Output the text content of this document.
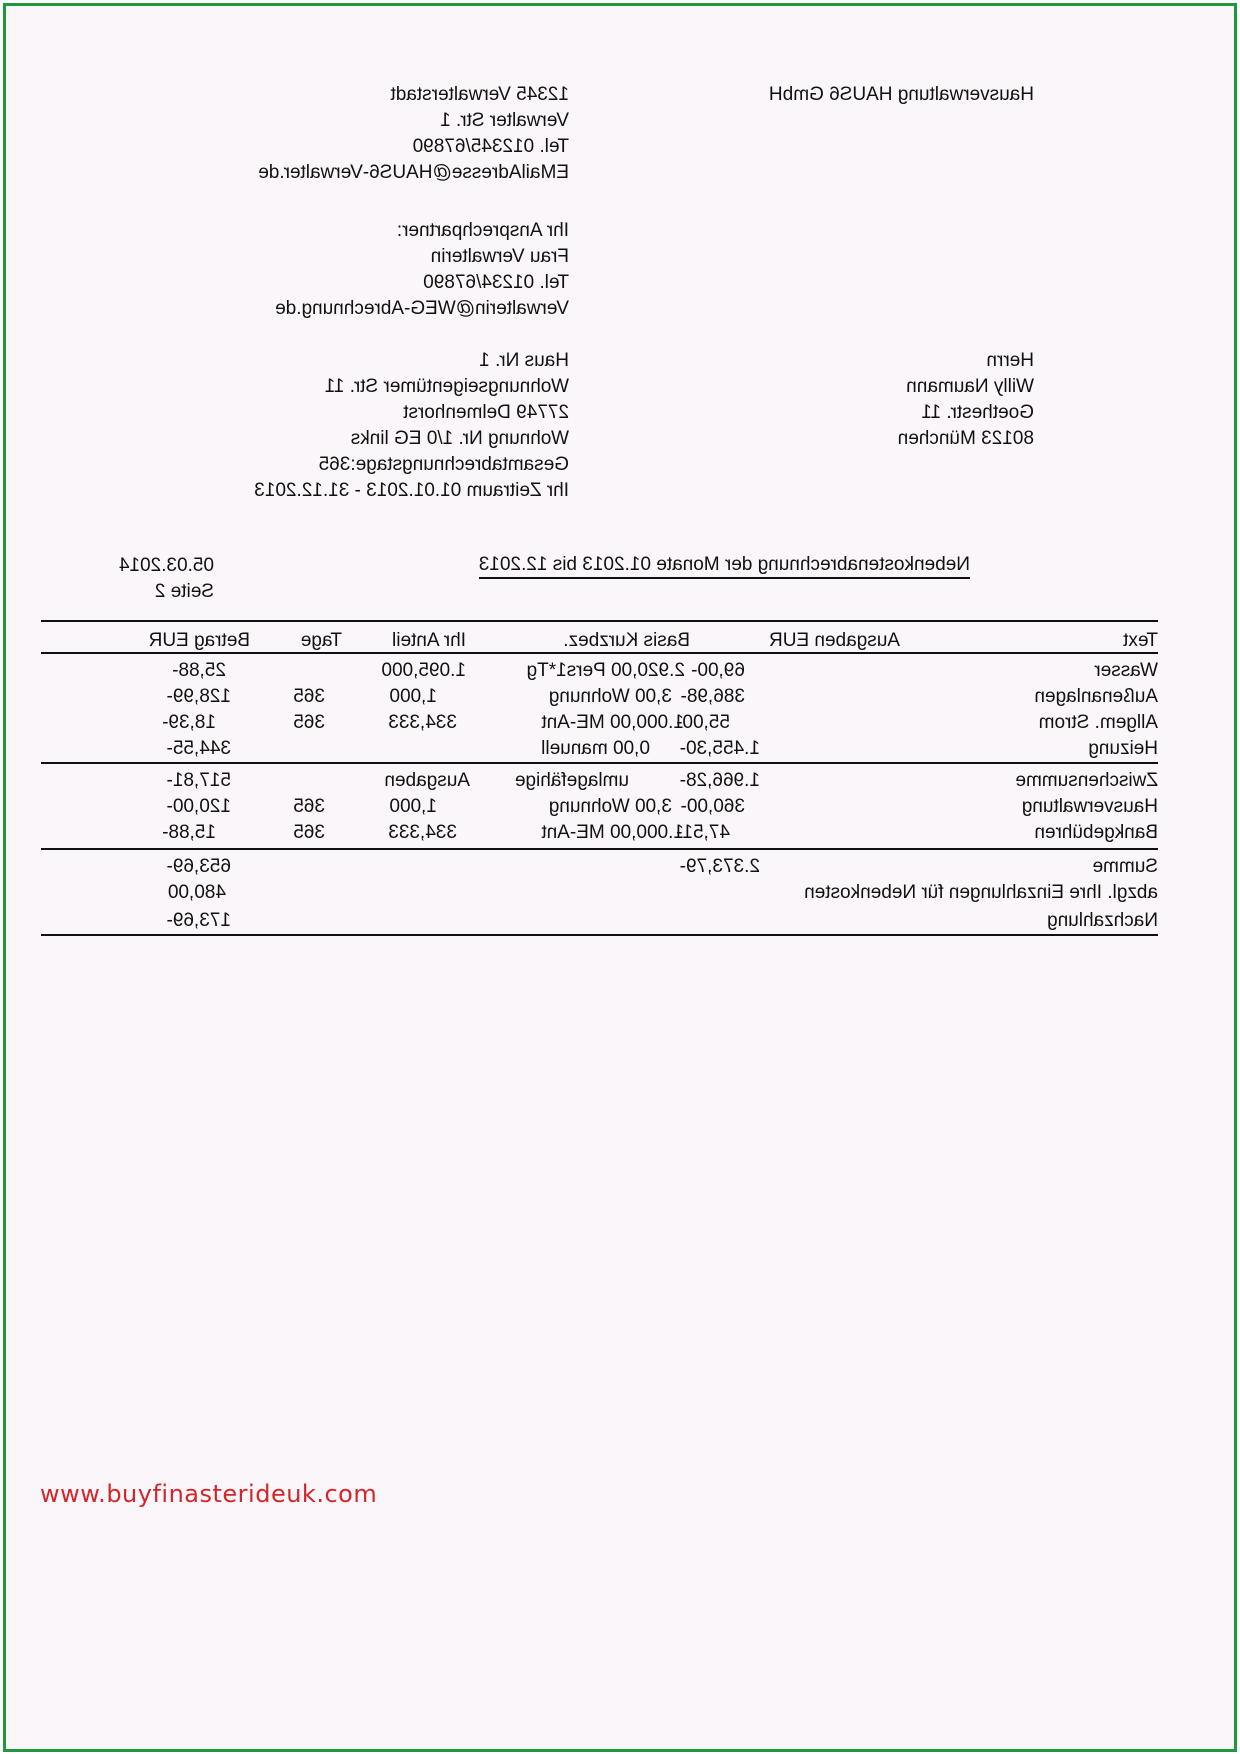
Hausverwaltung HAUS6 GmbH
12345 Verwalterstadt
Verwalter Str. 1
Tel. 012345/67890
EMailAdresse@HAUS6-Verwalter.de
Ihr Ansprechpartner:
Frau Verwalterin
Tel. 01234/67890
Verwalterin@WEG-Abrechnung.de
Herrn
Willy Naumann
Goethestr. 11
80123 München
Haus Nr. 1
Wohnungseigentümer Str. 11
27749 Delmenhorst
Wohnung Nr. 1/0 EG links
Gesamtabrechnungstage:365
Ihr Zeitraum 01.01.2013 - 31.12.2013
Nebenkostenabrechnung der Monate 01.2013 bis 12.2013
05.03.2014
Seite 2
Text
Ausgaben EUR
Basis Kurzbez.
Ihr Anteil
Tage
Betrag EUR
Wasser
69,00-
2.920,00 Pers1*Tg
1.095,000
25,88-
Außenanlagen
386,98-
3,00 Wohnung
1,000
365
128,99-
Allgem. Strom
55,00-
1.000,00 ME-Ant
334,333
365
18,39-
Heizung
1.455,30-
0,00 manuell
344,55-
Zwischensumme
1.966,28-
umlagefähige
Ausgaben
517,81-
Hausverwaltung
360,00-
3,00 Wohnung
1,000
365
120,00-
Bankgebühren
47,51-
1.000,00 ME-Ant
334,333
365
15,88-
Summe
2.373,79-
653,69-
abzgl. Ihre Einzahlungen für Nebenkosten
480,00
Nachzahlung
173,69-
www.buyfinasterideuk.com
